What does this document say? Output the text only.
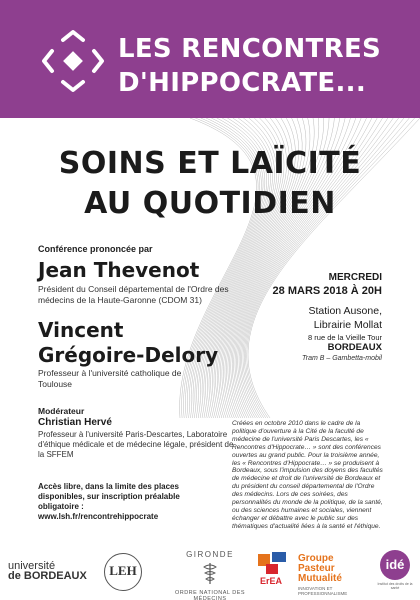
LES RENCONTRES
D'HIPPOCRATE...
SOINS ET LAÏCITÉ
AU QUOTIDIEN
Conférence prononcée par
Jean Thevenot
Président du Conseil départemental de l'Ordre des médecins de la Haute-Garonne (CDOM 31)
Vincent
Grégoire-Delory
Professeur à l'université catholique de Toulouse
Modérateur
Christian Hervé
Professeur à l'université Paris-Descartes, Laboratoire d'éthique médicale et de médecine légale, président de la SFFEM
Accès libre, dans la limite des places disponibles, sur inscription préalable obligatoire :
www.lsh.fr/rencontrehippocrate
MERCREDI
28 MARS 2018 À 20H
Station Ausone,
Librairie Mollat
8 rue de la Vieille Tour
BORDEAUX
Tram B – Gambetta-mobil
Créées en octobre 2010 dans le cadre de la politique d'ouverture à la Cité de la faculté de médecine de l'université Paris Descartes, les « Rencontres d'Hippocrate… » sont des conférences ouvertes au grand public. Pour la troisième année, les « Rencontres d'Hippocrate… » se produisent à Bordeaux, sous l'impulsion des doyens des facultés de médecine et droit de l'université de Bordeaux et du président du conseil départemental de l'Ordre des médecins. Lors de ces soirées, des personnalités du monde de la politique, de la santé, ou des sciences humaines et sociales, viennent échanger et débattre avec le public sur des thématiques d'actualité liées à la santé et l'éthique.
université
de BORDEAUX	LEH
GIRONDE
ORDRE NATIONAL DES MÉDECINS
ErEA
Groupe
Pasteur
Mutualité
INNOVATION ET PROFESSIONNALISME
idé
Institut des droits de la santé
